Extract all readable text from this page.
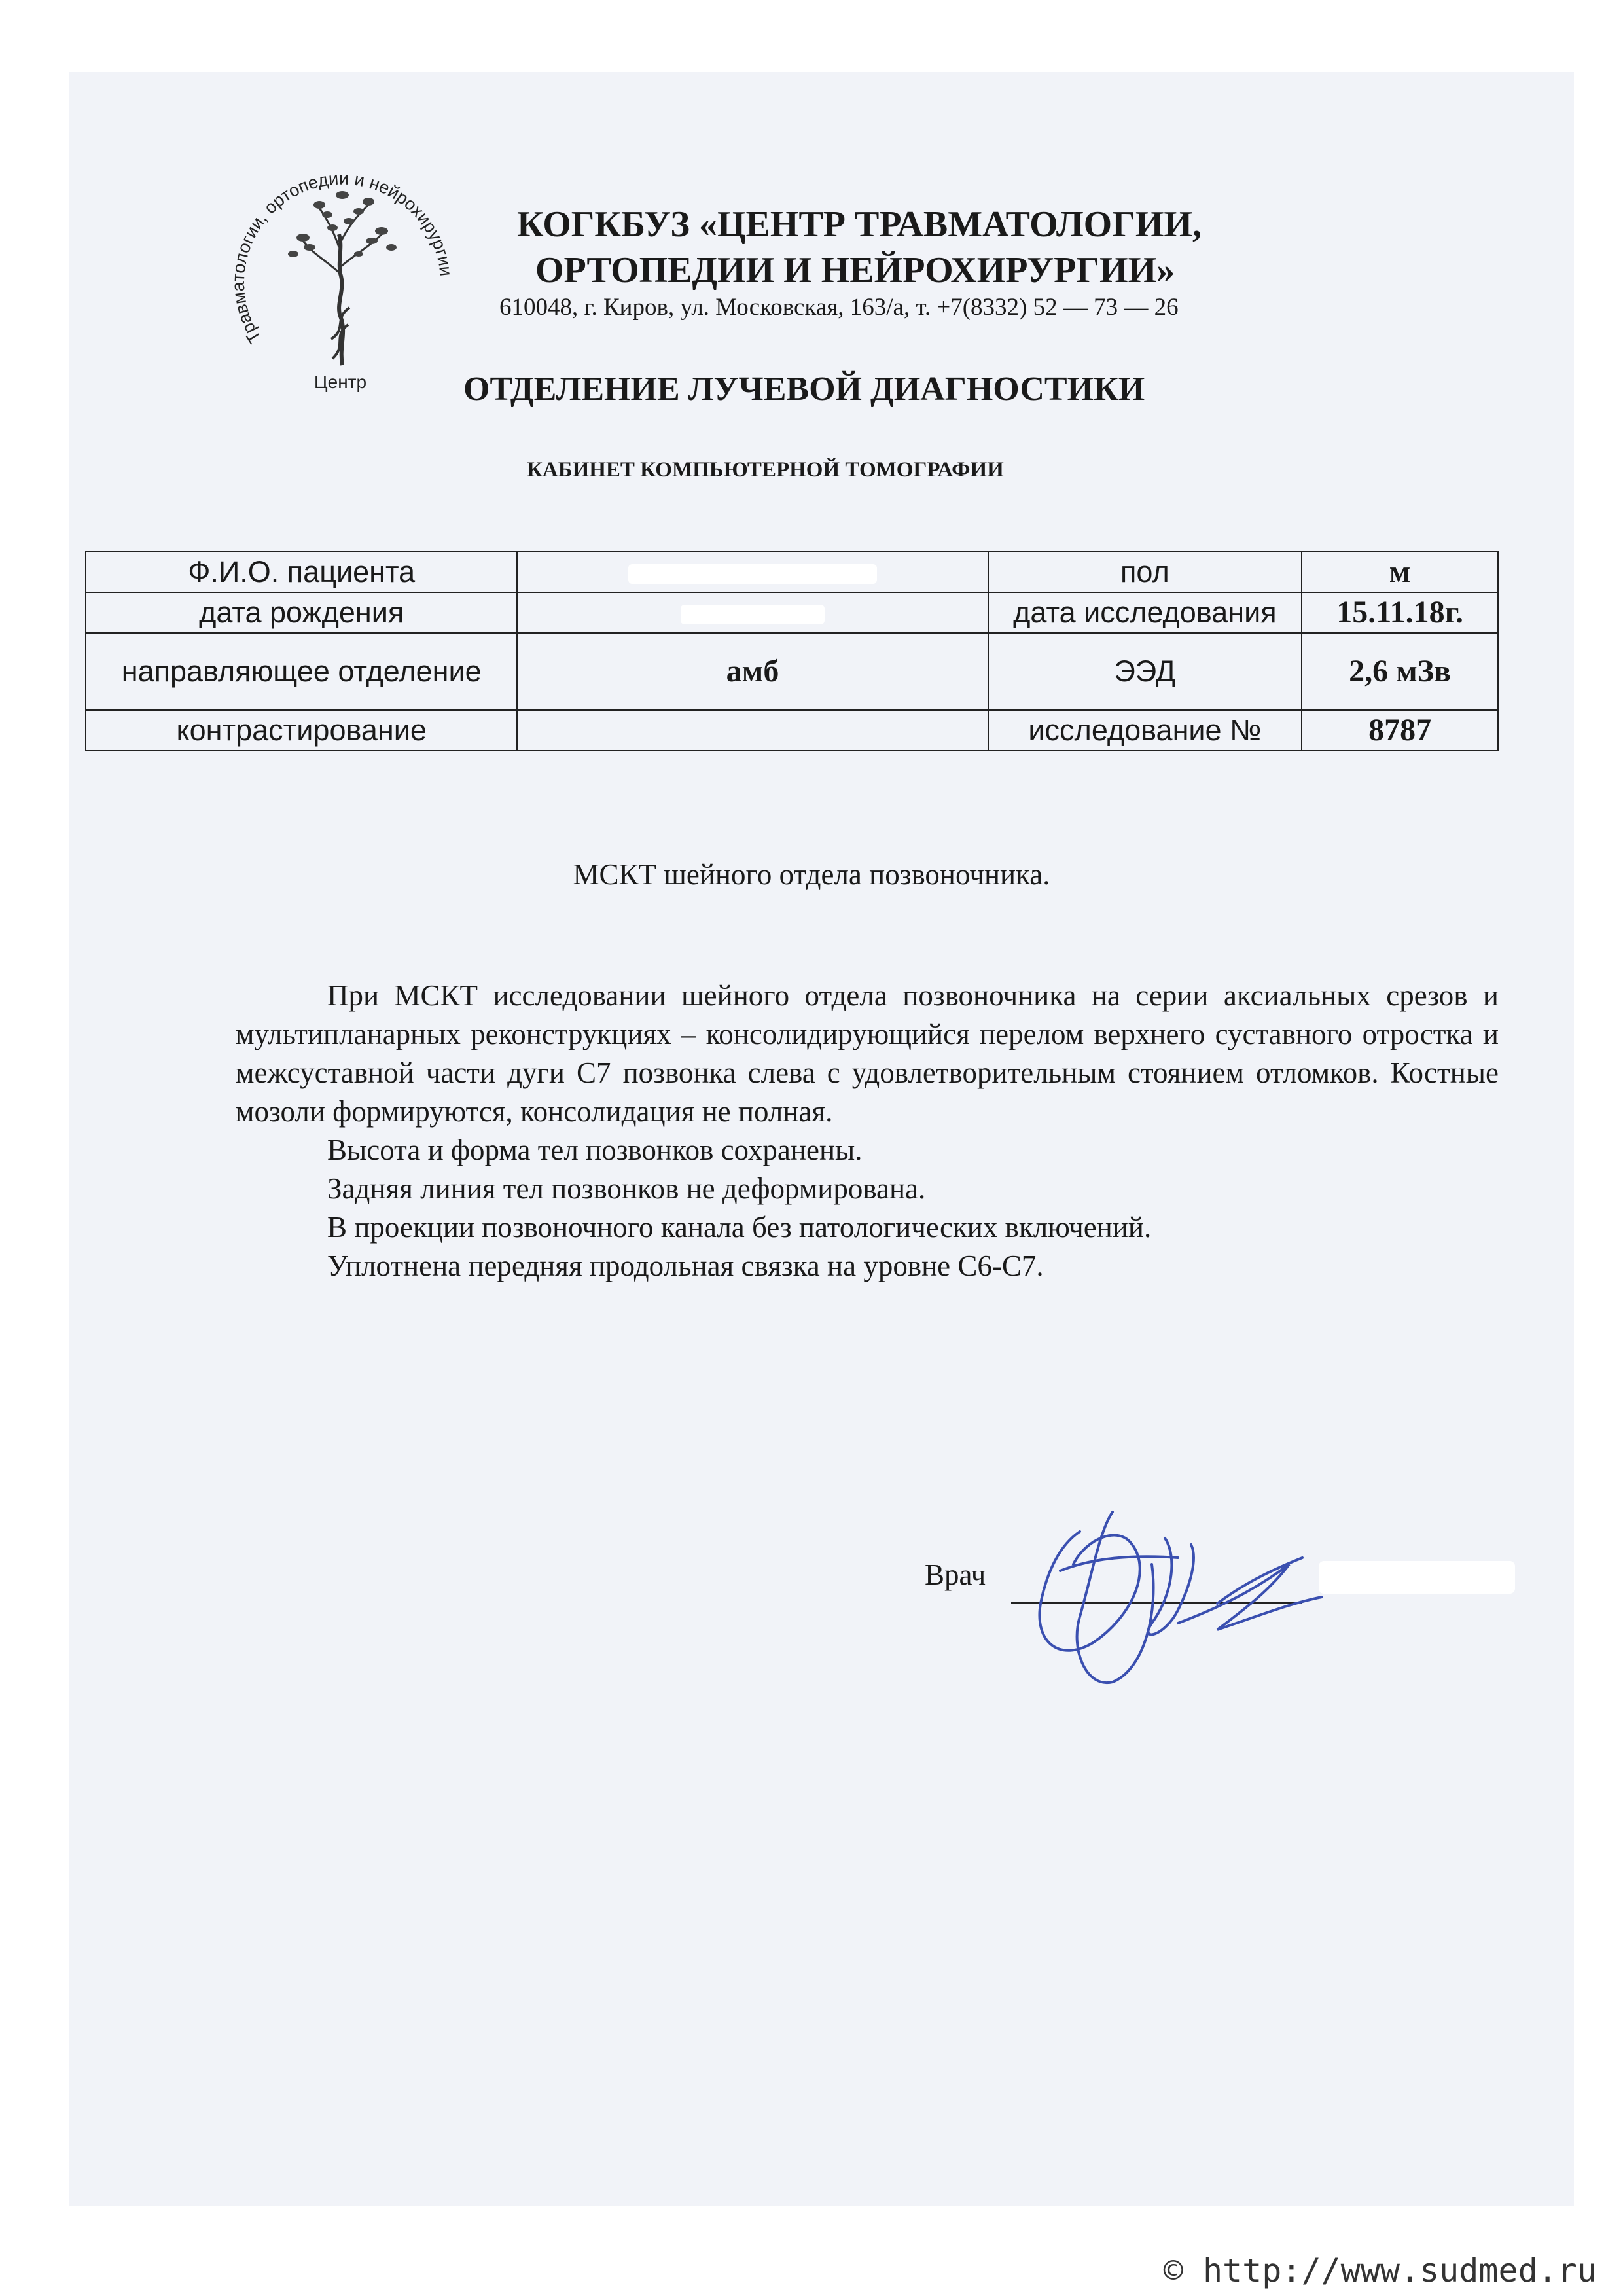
Травматологии, ортопедии и нейрохирургии
Центр
КОГКБУЗ «ЦЕНТР ТРАВМАТОЛОГИИ,
ОРТОПЕДИИ И НЕЙРОХИРУРГИИ»

610048, г. Киров, ул. Московская, 163/а, т. +7(8332) 52 — 73 — 26

ОТДЕЛЕНИЕ ЛУЧЕВОЙ ДИАГНОСТИКИ
КАБИНЕТ КОМПЬЮТЕРНОЙ ТОМОГРАФИИ
Ф.И.О. пациента		пол	м
дата рождения		дата исследования	15.11.18г.
направляющее отделение	амб	ЭЭД	2,6 мЗв
контрастирование		исследование №	8787

МСКТ шейного отдела позвоночника.

При МСКТ исследовании шейного отдела позвоночника на серии аксиальных срезов и мультипланарных реконструкциях – консолидирующийся перелом верхнего суставного отростка и межсуставной части дуги С7 позвонка слева с удовлетворительным стоянием отломков. Костные мозоли формируются, консолидация не полная.

Высота и форма тел позвонков сохранены.

Задняя линия тел позвонков не деформирована.

В проекции позвоночного канала без патологических включений.

Уплотнена передняя продольная связка на уровне С6-С7.

Врач
© http://www.sudmed.ru
